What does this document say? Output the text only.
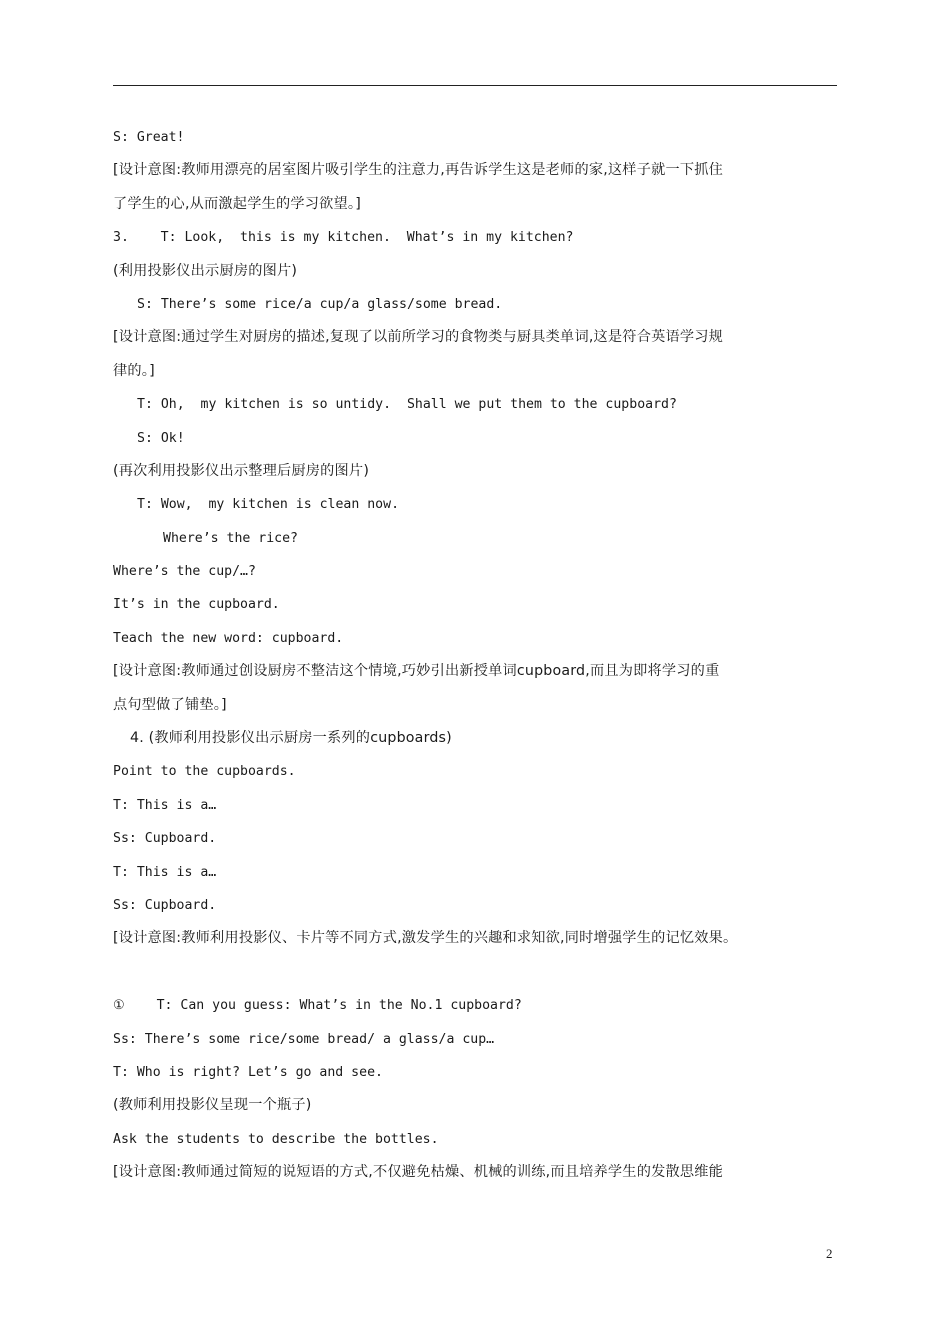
S: Great!
[设计意图:教师用漂亮的居室图片吸引学生的注意力,再告诉学生这是老师的家,这样子就一下抓住
了学生的心,从而激起学生的学习欲望。]
3.    T: Look,  this is my kitchen.  What’s in my kitchen?
(利用投影仪出示厨房的图片)
S: There’s some rice/a cup/a glass/some bread.
[设计意图:通过学生对厨房的描述,复现了以前所学习的食物类与厨具类单词,这是符合英语学习规
律的。]
T: Oh,  my kitchen is so untidy.  Shall we put them to the cupboard?
S: Ok!
(再次利用投影仪出示整理后厨房的图片)
T: Wow,  my kitchen is clean now.
Where’s the rice?
Where’s the cup/…?
It’s in the cupboard.
Teach the new word: cupboard.
[设计意图:教师通过创设厨房不整洁这个情境,巧妙引出新授单词cupboard,而且为即将学习的重
点句型做了铺垫。]
4. (教师利用投影仪出示厨房一系列的cupboards)
Point to the cupboards.
T: This is a…
Ss: Cupboard.
T: This is a…
Ss: Cupboard.
[设计意图:教师利用投影仪、卡片等不同方式,激发学生的兴趣和求知欲,同时增强学生的记忆效果。
①    T: Can you guess: What’s in the No.1 cupboard?
Ss: There’s some rice/some bread/ a glass/a cup…
T: Who is right? Let’s go and see.
(教师利用投影仪呈现一个瓶子)
Ask the students to describe the bottles.
[设计意图:教师通过简短的说短语的方式,不仅避免枯燥、机械的训练,而且培养学生的发散思维能
2
